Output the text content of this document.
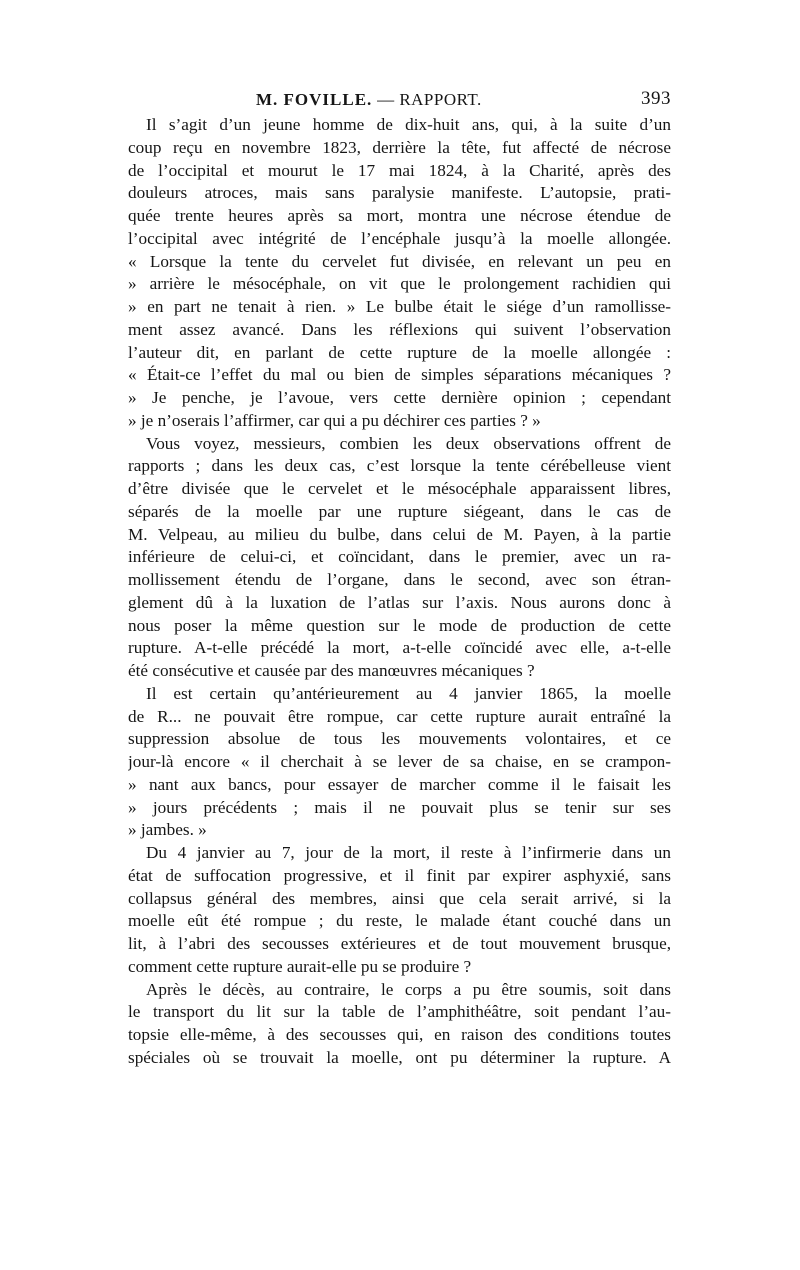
M. FOVILLE. — RAPPORT.	393
Il s’agit d’un jeune homme de dix-huit ans, qui, à la suite d’un
coup reçu en novembre 1823, derrière la tête, fut affecté de nécrose
de l’occipital et mourut le 17 mai 1824, à la Charité, après des
douleurs atroces, mais sans paralysie manifeste. L’autopsie, prati-
quée trente heures après sa mort, montra une nécrose étendue de
l’occipital avec intégrité de l’encéphale jusqu’à la moelle allongée.
« Lorsque la tente du cervelet fut divisée, en relevant un peu en
» arrière le mésocéphale, on vit que le prolongement rachidien qui
» en part ne tenait à rien. » Le bulbe était le siége d’un ramollisse-
ment assez avancé. Dans les réflexions qui suivent l’observation
l’auteur dit, en parlant de cette rupture de la moelle allongée :
« Était-ce l’effet du mal ou bien de simples séparations mécaniques ?
» Je penche, je l’avoue, vers cette dernière opinion ; cependant
» je n’oserais l’affirmer, car qui a pu déchirer ces parties ? »
Vous voyez, messieurs, combien les deux observations offrent de
rapports ; dans les deux cas, c’est lorsque la tente cérébelleuse vient
d’être divisée que le cervelet et le mésocéphale apparaissent libres,
séparés de la moelle par une rupture siégeant, dans le cas de
M. Velpeau, au milieu du bulbe, dans celui de M. Payen, à la partie
inférieure de celui-ci, et coïncidant, dans le premier, avec un ra-
mollissement étendu de l’organe, dans le second, avec son étran-
glement dû à la luxation de l’atlas sur l’axis. Nous aurons donc à
nous poser la même question sur le mode de production de cette
rupture. A-t-elle précédé la mort, a-t-elle coïncidé avec elle, a-t-elle
été consécutive et causée par des manœuvres mécaniques ?
Il est certain qu’antérieurement au 4 janvier 1865, la moelle
de R... ne pouvait être rompue, car cette rupture aurait entraîné la
suppression absolue de tous les mouvements volontaires, et ce
jour-là encore « il cherchait à se lever de sa chaise, en se crampon-
» nant aux bancs, pour essayer de marcher comme il le faisait les
» jours précédents ; mais il ne pouvait plus se tenir sur ses
» jambes. »
Du 4 janvier au 7, jour de la mort, il reste à l’infirmerie dans un
état de suffocation progressive, et il finit par expirer asphyxié, sans
collapsus général des membres, ainsi que cela serait arrivé, si la
moelle eût été rompue ; du reste, le malade étant couché dans un
lit, à l’abri des secousses extérieures et de tout mouvement brusque,
comment cette rupture aurait-elle pu se produire ?
Après le décès, au contraire, le corps a pu être soumis, soit dans
le transport du lit sur la table de l’amphithéâtre, soit pendant l’au-
topsie elle-même, à des secousses qui, en raison des conditions toutes
spéciales où se trouvait la moelle, ont pu déterminer la rupture. A
